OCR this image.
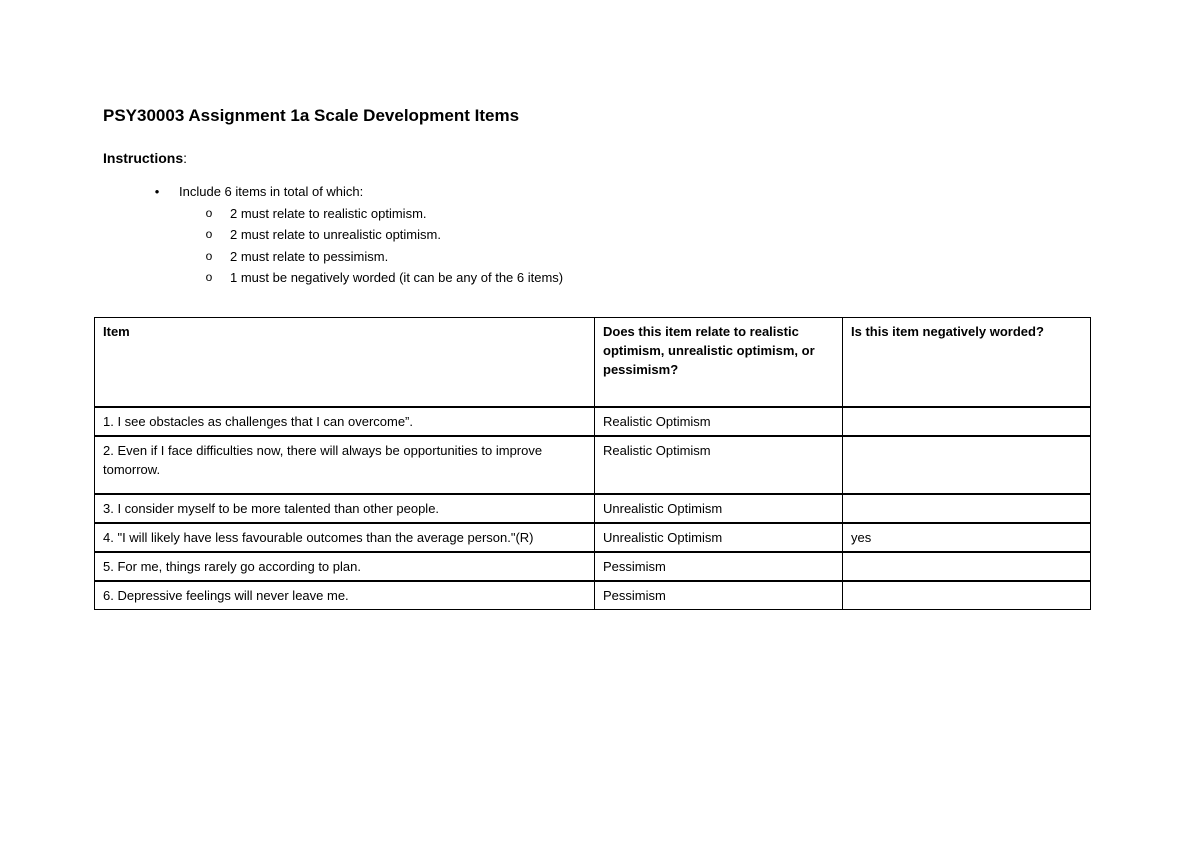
PSY30003 Assignment 1a Scale Development Items
Instructions:
•	Include 6 items in total of which:
o 2 must relate to realistic optimism.
o 2 must relate to unrealistic optimism.
o 2 must relate to pessimism.
o 1 must be negatively worded (it can be any of the 6 items)
Item	Does this item relate to realistic optimism, unrealistic optimism, or pessimism?	Is this item negatively worded?
1. I see obstacles as challenges that I can overcome”.	Realistic Optimism	
2. Even if I face difficulties now, there will always be opportunities to improve tomorrow.	Realistic Optimism	
3. I consider myself to be more talented than other people.	Unrealistic Optimism	
4. "I will likely have less favourable outcomes than the average person."(R)	Unrealistic Optimism	yes
5. For me, things rarely go according to plan.	Pessimism	
6. Depressive feelings will never leave me.	Pessimism	
